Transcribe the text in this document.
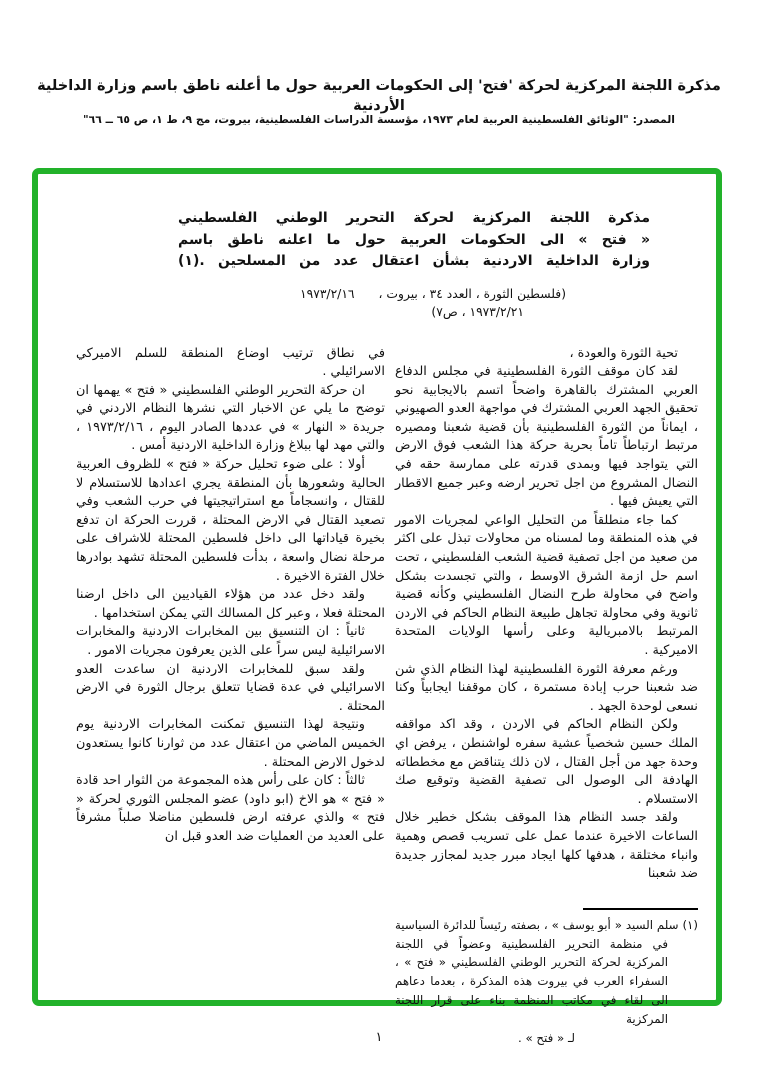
مذكرة اللجنة المركزية لحركة 'فتح' إلى الحكومات العربية حول ما أعلنه ناطق باسم وزارة الداخلية الأردنية
المصدر: "الوثائق الفلسطينية العربية لعام ١٩٧٣، مؤسسة الدراسات الفلسطينية، بيروت، مج ٩، ط ١، ص ٦٥ ــ ٦٦"
مذكرة اللجنة المركزية لحركة التحرير الوطني الفلسطيني
« فتح » الى الحكومات العربية حول ما اعلنه ناطق باسم
وزارة الداخلية الاردنية بشأن اعتقال عدد من المسلحين .(١)
(فلسطين الثورة ، العدد ٣٤ ، بيروت ،
١٩٧٣/٢/٢١ ، ص٧)
١٩٧٣/٢/١٦

تحية الثورة والعودة ،

لقد كان موقف الثورة الفلسطينية في مجلس الدفاع العربي المشترك بالقاهرة واضحاً اتسم بالايجابية نحو تحقيق الجهد العربي المشترك في مواجهة العدو الصهيوني ، ايماناً من الثورة الفلسطينية بأن قضية شعبنا ومصيره مرتبط ارتباطاً تاماً بحرية حركة هذا الشعب فوق الارض التي يتواجد فيها وبمدى قدرته على ممارسة حقه في النضال المشروع من اجل تحرير ارضه وعبر جميع الاقطار التي يعيش فيها .

كما جاء منطلقاً من التحليل الواعي لمجريات الامور في هذه المنطقة وما لمسناه من محاولات تبذل على اكثر من صعيد من اجل تصفية قضية الشعب الفلسطيني ، تحت اسم حل ازمة الشرق الاوسط ، والتي تجسدت بشكل واضح في محاولة طرح النضال الفلسطيني وكأنه قضية ثانوية وفي محاولة تجاهل طبيعة النظام الحاكم في الاردن المرتبط بالامبريالية وعلى رأسها الولايات المتحدة الاميركية .

ورغم معرفة الثورة الفلسطينية لهذا النظام الذي شن ضد شعبنا حرب إبادة مستمرة ، كان موقفنا ايجابياً وكنا نسعى لوحدة الجهد .

ولكن النظام الحاكم في الاردن ، وقد اكد مواقفه الملك حسين شخصياً عشية سفره لواشنطن ، يرفض اي وحدة جهد من أجل القتال ، لان ذلك يتناقض مع مخططاته الهادفة الى الوصول الى تصفية القضية وتوقيع صك الاستسلام .

ولقد جسد النظام هذا الموقف بشكل خطير خلال الساعات الاخيرة عندما عمل على تسريب قصص وهمية وانباء مختلقة ، هدفها كلها ايجاد مبرر جديد لمجازر جديدة ضد شعبنا

(١) سلم السيد « أبو يوسف » ، بصفته رئيساً للدائرة السياسية في منظمة التحرير الفلسطينية وعضواً في اللجنة المركزية لحركة التحرير الوطني الفلسطيني « فتح » ، السفراء العرب في بيروت هذه المذكرة ، بعدما دعاهم الى لقاء في مكاتب المنظمة بناء على قرار اللجنة المركزية

لـ « فتح » .

في نطاق ترتيب اوضاع المنطقة للسلم الاميركي الاسرائيلي .

ان حركة التحرير الوطني الفلسطيني « فتح » يهمها ان توضح ما يلي عن الاخبار التي نشرها النظام الاردني في جريدة « النهار » في عددها الصادر اليوم ، ١٩٧٣/٢/١٦ ، والتي مهد لها ببلاغ وزارة الداخلية الاردنية أمس .

أولا : على ضوء تحليل حركة « فتح » للظروف العربية الحالية وشعورها بأن المنطقة يجري اعدادها للاستسلام لا للقتال ، وانسجاماً مع استراتيجيتها في حرب الشعب وفي تصعيد القتال في الارض المحتلة ، قررت الحركة ان تدفع بخيرة قياداتها الى داخل فلسطين المحتلة للاشراف على مرحلة نضال واسعة ، بدأت فلسطين المحتلة تشهد بوادرها خلال الفترة الاخيرة .

ولقد دخل عدد من هؤلاء القياديين الى داخل ارضنا المحتلة فعلا ، وعبر كل المسالك التي يمكن استخدامها .

ثانياً : ان التنسيق بين المخابرات الاردنية والمخابرات الاسرائيلية ليس سراً على الذين يعرفون مجريات الامور .

ولقد سبق للمخابرات الاردنية ان ساعدت العدو الاسرائيلي في عدة قضايا تتعلق برجال الثورة في الارض المحتلة .

ونتيجة لهذا التنسيق تمكنت المخابرات الاردنية يوم الخميس الماضي من اعتقال عدد من ثوارنا كانوا يستعدون لدخول الارض المحتلة .

ثالثاً : كان على رأس هذه المجموعة من الثوار احد قادة « فتح » هو الاخ (ابو داود) عضو المجلس الثوري لحركة « فتح » والذي عرفته ارض فلسطين مناضلا صلباً مشرفاً على العديد من العمليات ضد العدو قبل ان

١
